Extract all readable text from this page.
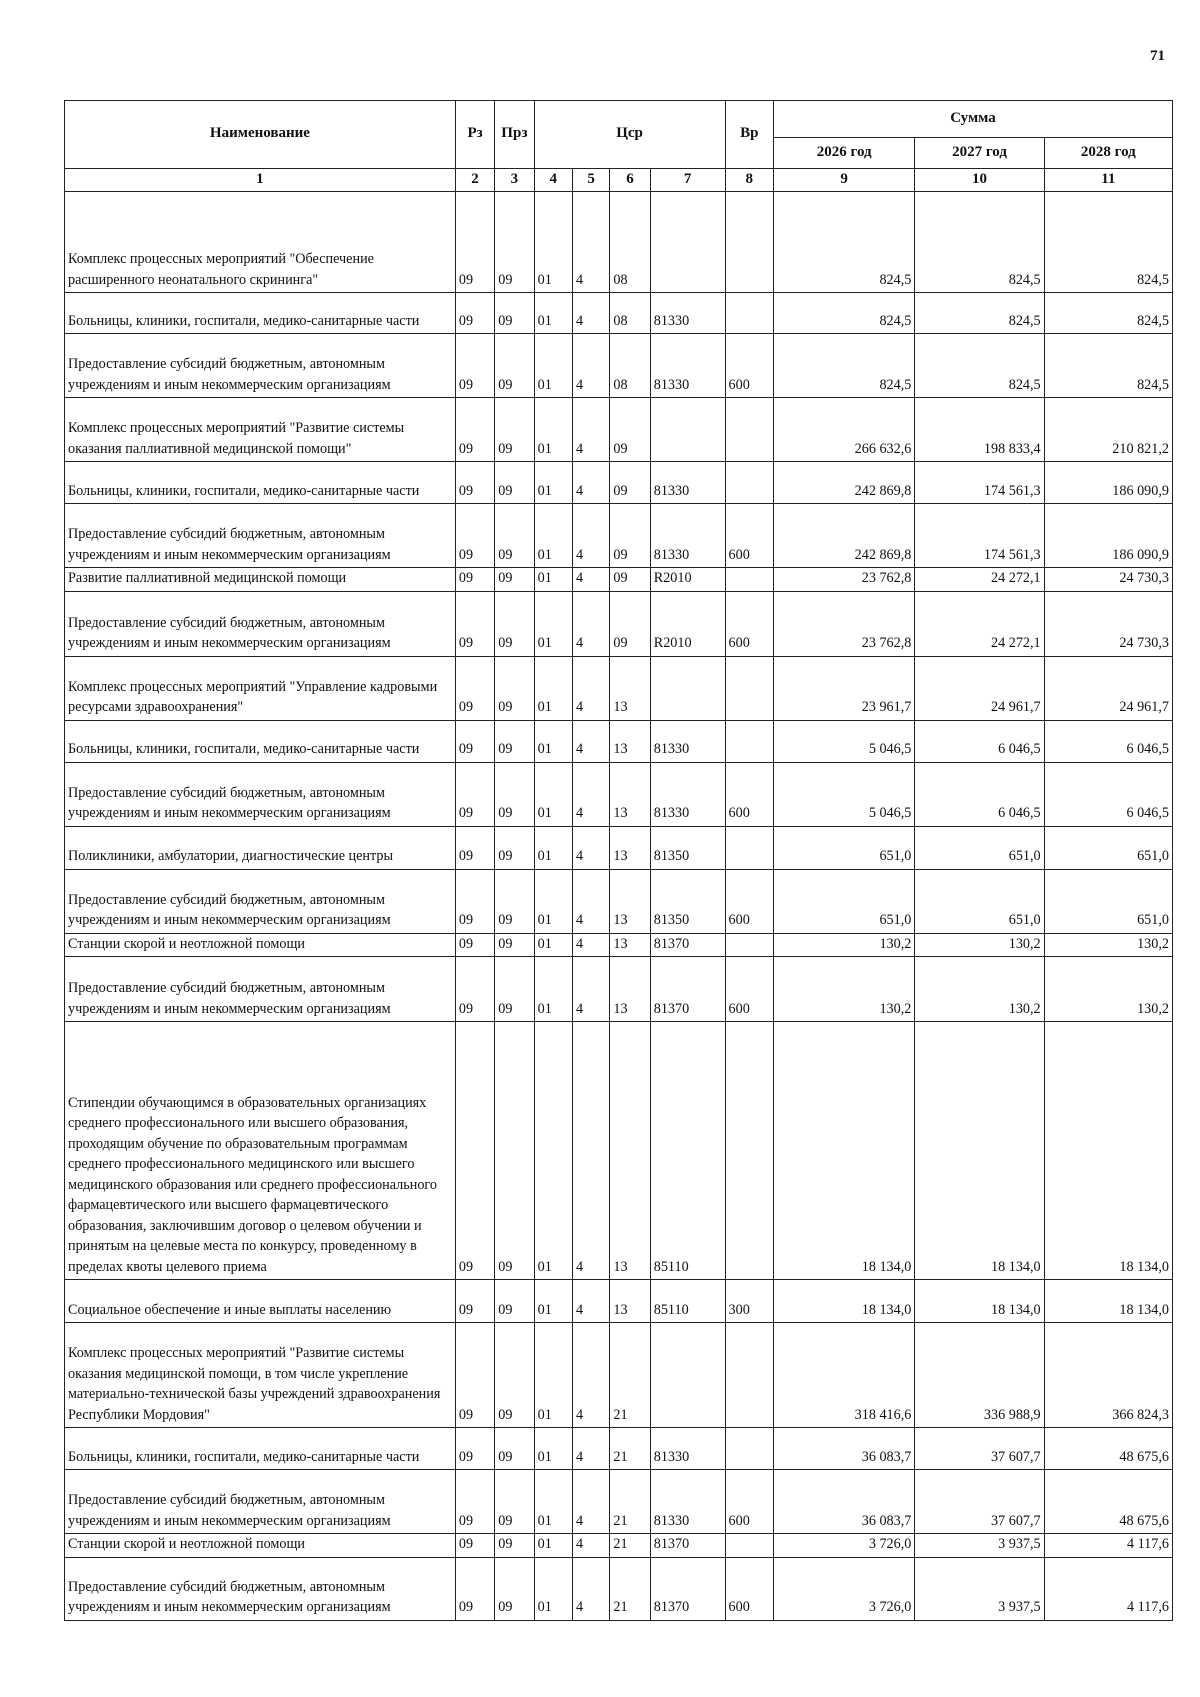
71
Наименование	Рз	Прз	Цср				Вр	Сумма		
								2026 год	2027 год	2028 год
1	2	3	4	5	6	7	8	9	10	11
Комплекс процессных мероприятий "Обеспечение расширенного неонатального скрининга"	09	09	01	4	08			824,5	824,5	824,5
Больницы, клиники, госпитали, медико-санитарные части	09	09	01	4	08	81330		824,5	824,5	824,5
Предоставление субсидий бюджетным, автономным учреждениям и иным некоммерческим организациям	09	09	01	4	08	81330	600	824,5	824,5	824,5
Комплекс процессных мероприятий "Развитие системы оказания паллиативной медицинской помощи"	09	09	01	4	09			266 632,6	198 833,4	210 821,2
Больницы, клиники, госпитали, медико-санитарные части	09	09	01	4	09	81330		242 869,8	174 561,3	186 090,9
Предоставление субсидий бюджетным, автономным учреждениям и иным некоммерческим организациям	09	09	01	4	09	81330	600	242 869,8	174 561,3	186 090,9
Развитие паллиативной медицинской помощи	09	09	01	4	09	R2010		23 762,8	24 272,1	24 730,3
Предоставление субсидий бюджетным, автономным учреждениям и иным некоммерческим организациям	09	09	01	4	09	R2010	600	23 762,8	24 272,1	24 730,3
Комплекс процессных мероприятий "Управление кадровыми ресурсами здравоохранения"	09	09	01	4	13			23 961,7	24 961,7	24 961,7
Больницы, клиники, госпитали, медико-санитарные части	09	09	01	4	13	81330		5 046,5	6 046,5	6 046,5
Предоставление субсидий бюджетным, автономным учреждениям и иным некоммерческим организациям	09	09	01	4	13	81330	600	5 046,5	6 046,5	6 046,5
Поликлиники, амбулатории, диагностические центры	09	09	01	4	13	81350		651,0	651,0	651,0
Предоставление субсидий бюджетным, автономным учреждениям и иным некоммерческим организациям	09	09	01	4	13	81350	600	651,0	651,0	651,0
Станции скорой и неотложной помощи	09	09	01	4	13	81370		130,2	130,2	130,2
Предоставление субсидий бюджетным, автономным учреждениям и иным некоммерческим организациям	09	09	01	4	13	81370	600	130,2	130,2	130,2
Стипендии обучающимся в образовательных организациях среднего профессионального или высшего образования, проходящим обучение по образовательным программам среднего профессионального медицинского или высшего медицинского образования или среднего профессионального фармацевтического или высшего фармацевтического образования, заключившим договор о целевом обучении и принятым на целевые места по конкурсу, проведенному в пределах квоты целевого приема	09	09	01	4	13	85110		18 134,0	18 134,0	18 134,0
Социальное обеспечение и иные выплаты населению	09	09	01	4	13	85110	300	18 134,0	18 134,0	18 134,0
Комплекс процессных мероприятий "Развитие системы оказания медицинской помощи, в том числе укрепление материально-технической базы учреждений здравоохранения Республики Мордовия"	09	09	01	4	21			318 416,6	336 988,9	366 824,3
Больницы, клиники, госпитали, медико-санитарные части	09	09	01	4	21	81330		36 083,7	37 607,7	48 675,6
Предоставление субсидий бюджетным, автономным учреждениям и иным некоммерческим организациям	09	09	01	4	21	81330	600	36 083,7	37 607,7	48 675,6
Станции скорой и неотложной помощи	09	09	01	4	21	81370		3 726,0	3 937,5	4 117,6
Предоставление субсидий бюджетным, автономным учреждениям и иным некоммерческим организациям	09	09	01	4	21	81370	600	3 726,0	3 937,5	4 117,6
